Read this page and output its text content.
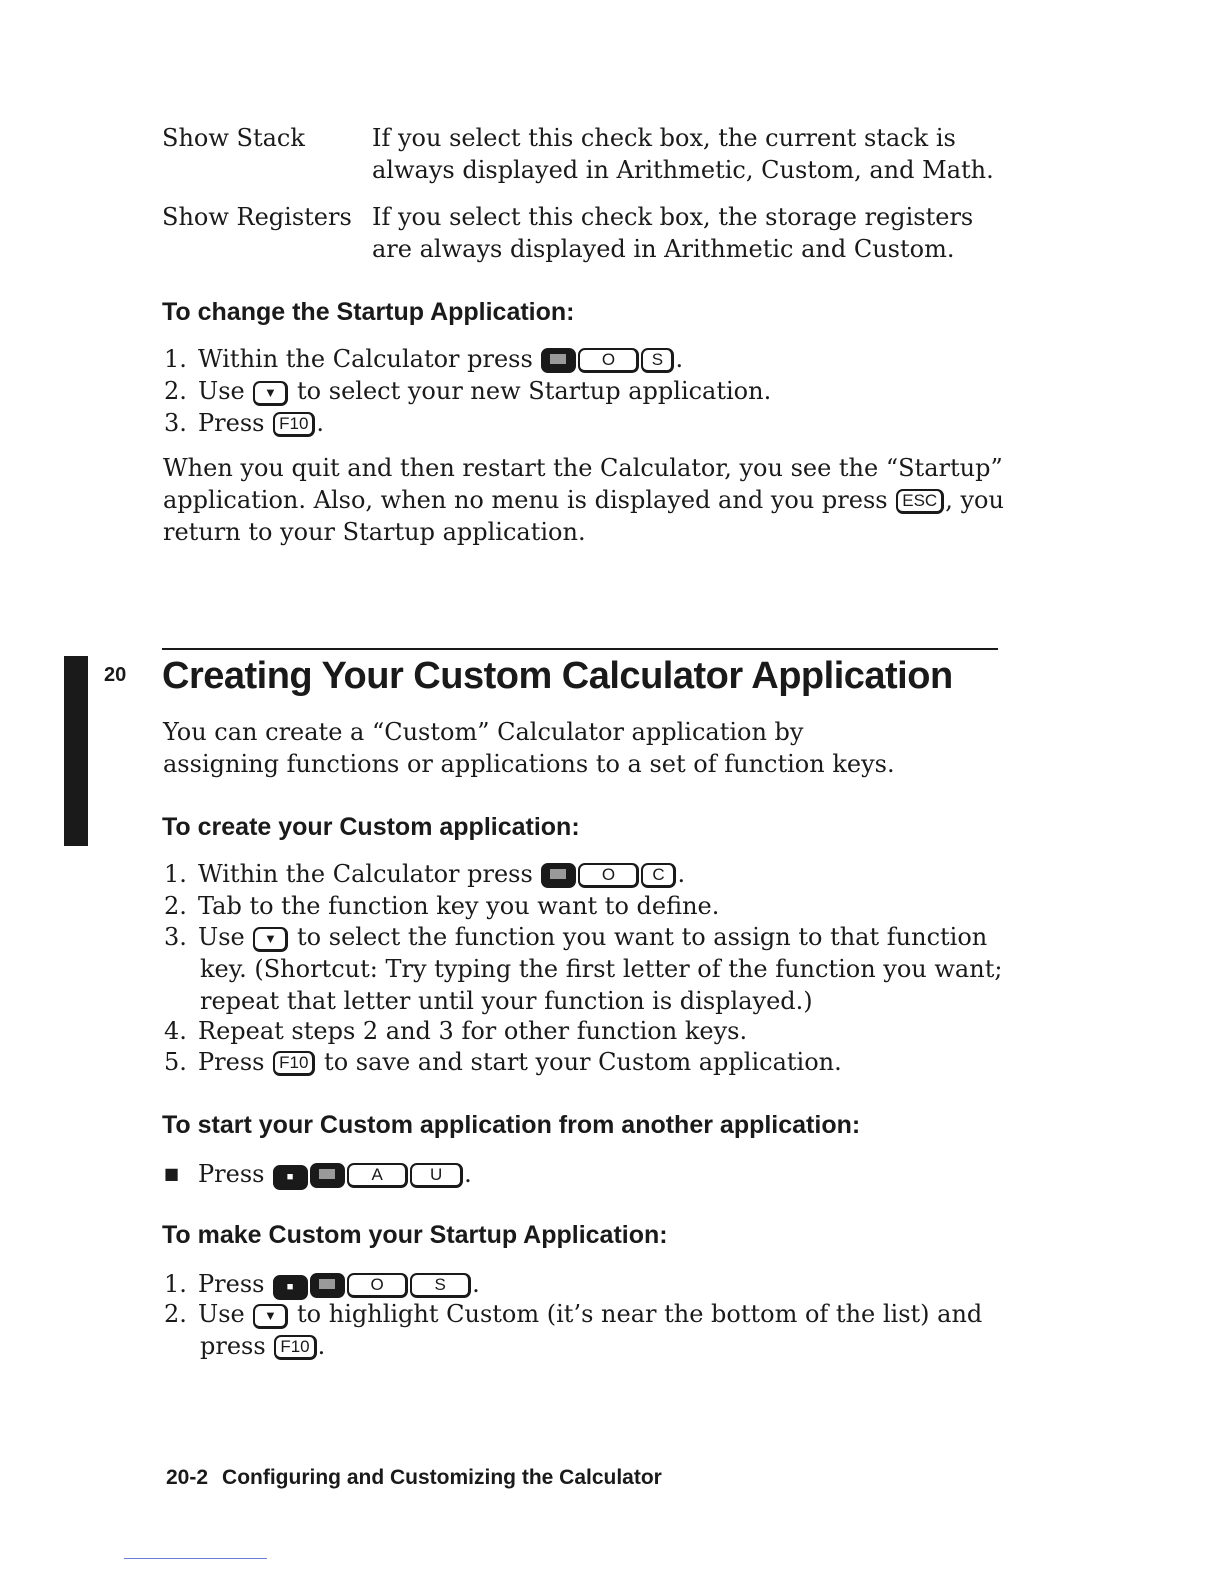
Show Stack	If you select this check box, the current stack is always displayed in Arithmetic, Custom, and Math.
Show Registers If you select this check box, the storage registers are always displayed in Arithmetic and Custom.
To change the Startup Application:
1. Within the Calculator press	O S .
2. Use ▼ to select your new Startup application.
3. Press F10 .
When you quit and then restart the Calculator, you see the “Startup” application. Also, when no menu is displayed and you press ESC , you return to your Startup application.
20 Creating Your Custom Calculator Application
You can create a “Custom” Calculator application by assigning functions or applications to a set of function keys.
To create your Custom application:
1. Within the Calculator press	O C .
2. Tab to the function key you want to define.
3. Use ▼ to select the function you want to assign to that function
key. (Shortcut: Try typing the first letter of the function you want;
repeat that letter until your function is displayed.)
4. Repeat steps 2 and 3 for other function keys.
5. Press F10 to save and start your Custom application.
To start your Custom application from another application:
■ Press ■	A	U .
To make Custom your Startup Application:
1. Press ■	O	S .
2. Use ▼ to highlight Custom (it’s near the bottom of the list) and
press F10 .
20-2 Configuring and Customizing the Calculator
